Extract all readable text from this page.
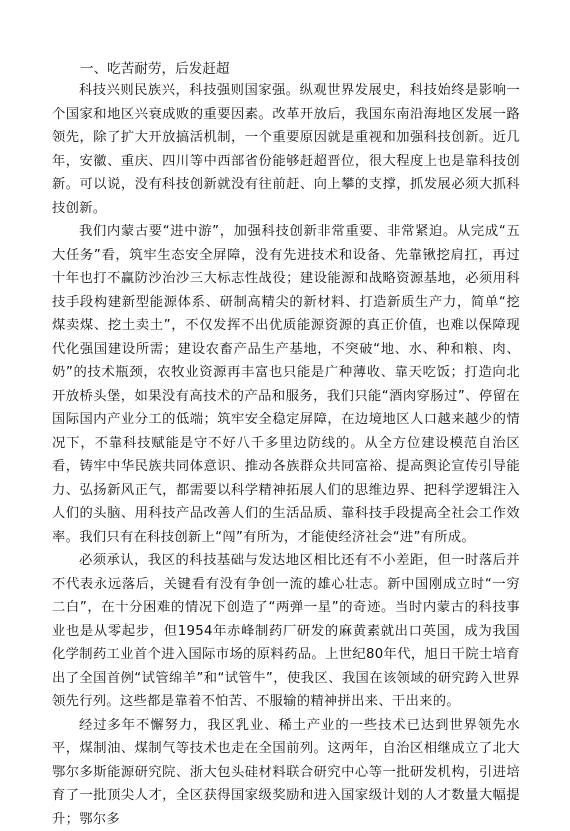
一、吃苦耐劳，后发赶超

科技兴则民族兴，科技强则国家强。纵观世界发展史，科技始终是影响一个国家和地区兴衰成败的重要因素。改革开放后，我国东南沿海地区发展一路领先，除了扩大开放搞活机制，一个重要原因就是重视和加强科技创新。近几年，安徽、重庆、四川等中西部省份能够赶超晋位，很大程度上也是靠科技创新。可以说，没有科技创新就没有往前赶、向上攀的支撑，抓发展必须大抓科技创新。

我们内蒙古要“进中游”，加强科技创新非常重要、非常紧迫。从完成“五大任务”看，筑牢生态安全屏障，没有先进技术和设备、先靠锹挖肩扛，再过十年也打不赢防沙治沙三大标志性战役；建设能源和战略资源基地，必须用科技手段构建新型能源体系、研制高精尖的新材料、打造新质生产力，简单“挖煤卖煤、挖土卖土”，不仅发挥不出优质能源资源的真正价值，也难以保障现代化强国建设所需；建设农畜产品生产基地，不突破“地、水、种和粮、肉、奶”的技术瓶颈，农牧业资源再丰富也只能是广种薄收、靠天吃饭；打造向北开放桥头堡，如果没有高技术的产品和服务，我们只能“酒肉穿肠过”、停留在国际国内产业分工的低端；筑牢安全稳定屏障，在边境地区人口越来越少的情况下，不靠科技赋能是守不好八千多里边防线的。从全方位建设模范自治区看，铸牢中华民族共同体意识、推动各族群众共同富裕、提高舆论宣传引导能力、弘扬新风正气，都需要以科学精神拓展人们的思维边界、把科学逻辑注入人们的头脑、用科技产品改善人们的生活品质、靠科技手段提高全社会工作效率。我们只有在科技创新上“闯”有所为，才能使经济社会“进”有所成。

必须承认，我区的科技基础与发达地区相比还有不小差距，但一时落后并不代表永远落后，关键看有没有争创一流的雄心壮志。新中国刚成立时“一穷二白”，在十分困难的情况下创造了“两弹一星”的奇迹。当时内蒙古的科技事业也是从零起步，但1954年赤峰制药厂研发的麻黄素就出口英国，成为我国化学制药工业首个进入国际市场的原料药品。上世纪80年代，旭日干院士培育出了全国首例“试管绵羊”和“试管牛”，使我区、我国在该领域的研究跨入世界领先行列。这些都是靠着不怕苦、不服输的精神拼出来、干出来的。

经过多年不懈努力，我区乳业、稀土产业的一些技术已达到世界领先水平，煤制油、煤制气等技术也走在全国前列。这两年，自治区相继成立了北大鄂尔多斯能源研究院、浙大包头硅材料联合研究中心等一批研发机构，引进培育了一批顶尖人才，全区获得国家级奖励和进入国家级计划的人才数量大幅提升；鄂尔多
